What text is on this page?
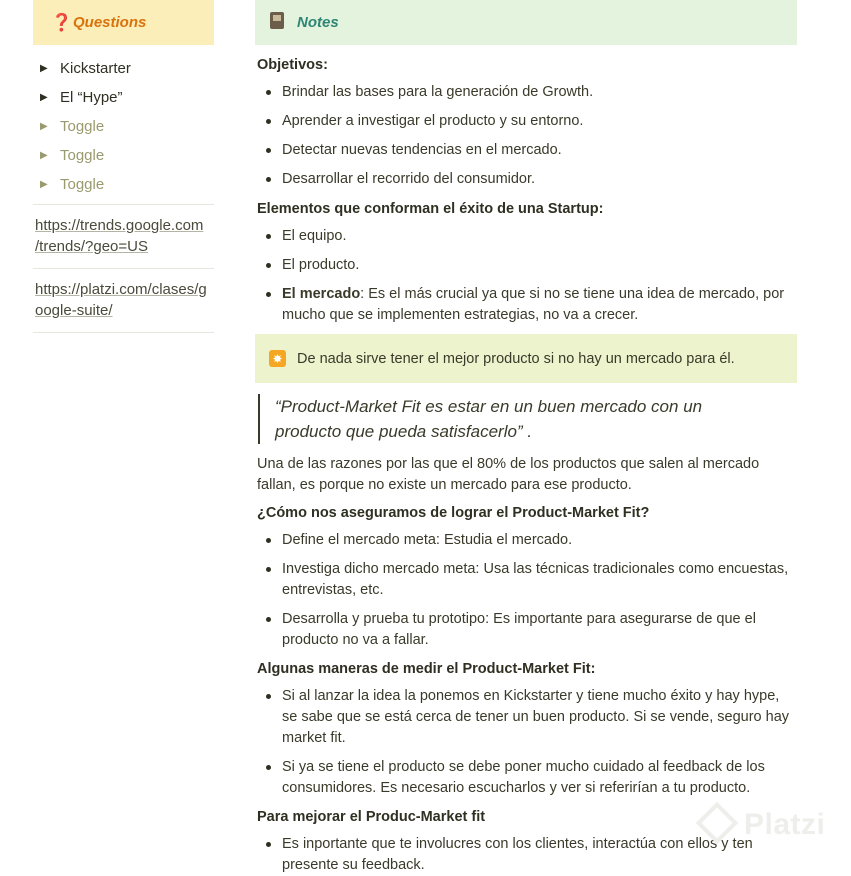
❓ Questions
▶ Kickstarter
▶ El “Hype”
▶ Toggle
▶ Toggle
▶ Toggle
https://trends.google.com
/trends/?geo=US
https://platzi.com/clases/g
oogle-suite/
Notes
Objetivos:
Brindar las bases para la generación de Growth.
Aprender a investigar el producto y su entorno.
Detectar nuevas tendencias en el mercado.
Desarrollar el recorrido del consumidor.
Elementos que conforman el éxito de una Startup:
El equipo.
El producto.
El mercado: Es el más crucial ya que si no se tiene una idea de mercado, por mucho que se implementen estrategias, no va a crecer.
✸ De nada sirve tener el mejor producto si no hay un mercado para él.
“Product-Market Fit es estar en un buen mercado con un
producto que pueda satisfacerlo” .
Una de las razones por las que el 80% de los productos que salen al mercado fallan, es porque no existe un mercado para ese producto.
¿Cómo nos aseguramos de lograr el Product-Market Fit?
Define el mercado meta: Estudia el mercado.
Investiga dicho mercado meta: Usa las técnicas tradicionales como encuestas, entrevistas, etc.
Desarrolla y prueba tu prototipo: Es importante para asegurarse de que el producto no va a fallar.
Algunas maneras de medir el Product-Market Fit:
Si al lanzar la idea la ponemos en Kickstarter y tiene mucho éxito y hay hype, se sabe que se está cerca de tener un buen producto. Si se vende, seguro hay market fit.
Si ya se tiene el producto se debe poner mucho cuidado al feedback de los consumidores. Es necesario escucharlos y ver si referirían a tu producto.
Para mejorar el Produc-Market fit
Es inportante que te involucres con los clientes, interactúa con ellos y ten presente su feedback.
Platzi
